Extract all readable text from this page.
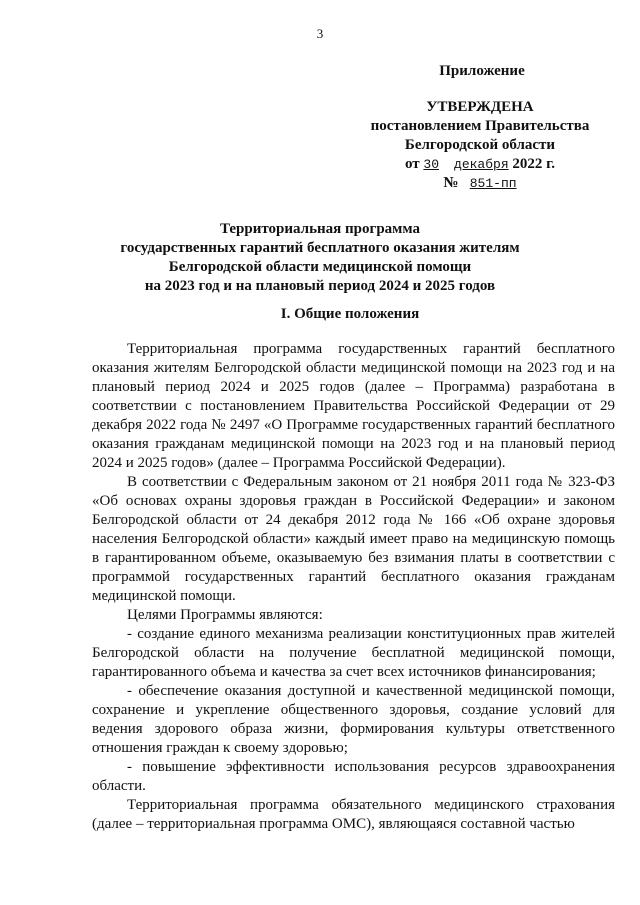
3
Приложение
УТВЕРЖДЕНА
постановлением Правительства
Белгородской области
от 30 декабря 2022 г.
№ 851-пп
Территориальная программа
государственных гарантий бесплатного оказания жителям
Белгородской области медицинской помощи
на 2023 год и на плановый период 2024 и 2025 годов
I. Общие положения

Территориальная программа государственных гарантий бесплатного оказания жителям Белгородской области медицинской помощи на 2023 год и на плановый период 2024 и 2025 годов (далее – Программа) разработана в соответствии с постановлением Правительства Российской Федерации от 29 декабря 2022 года № 2497 «О Программе государственных гарантий бесплатного оказания гражданам медицинской помощи на 2023 год и на плановый период 2024 и 2025 годов» (далее – Программа Российской Федерации).

В соответствии с Федеральным законом от 21 ноября 2011 года № 323-ФЗ «Об основах охраны здоровья граждан в Российской Федерации» и законом Белгородской области от 24 декабря 2012 года № 166 «Об охране здоровья населения Белгородской области» каждый имеет право на медицинскую помощь в гарантированном объеме, оказываемую без взимания платы в соответствии с программой государственных гарантий бесплатного оказания гражданам медицинской помощи.

Целями Программы являются:

- создание единого механизма реализации конституционных прав жителей Белгородской области на получение бесплатной медицинской помощи, гарантированного объема и качества за счет всех источников финансирования;

- обеспечение оказания доступной и качественной медицинской помощи, сохранение и укрепление общественного здоровья, создание условий для ведения здорового образа жизни, формирования культуры ответственного отношения граждан к своему здоровью;

- повышение эффективности использования ресурсов здравоохранения области.

Территориальная программа обязательного медицинского страхования (далее – территориальная программа ОМС), являющаяся составной частью
